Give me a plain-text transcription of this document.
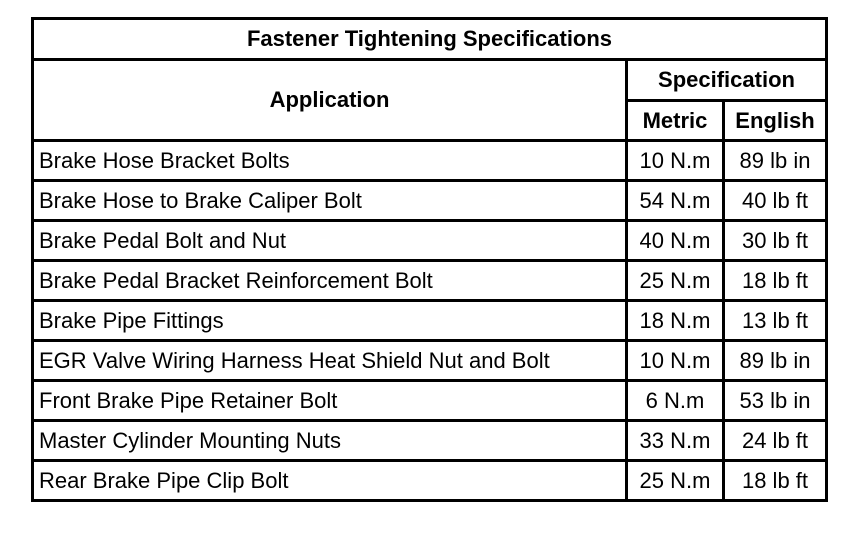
Fastener Tightening Specifications		
Application	Specification	
	Metric	English
Brake Hose Bracket Bolts	10 N.m	89 lb in
Brake Hose to Brake Caliper Bolt	54 N.m	40 lb ft
Brake Pedal Bolt and Nut	40 N.m	30 lb ft
Brake Pedal Bracket Reinforcement Bolt	25 N.m	18 lb ft
Brake Pipe Fittings	18 N.m	13 lb ft
EGR Valve Wiring Harness Heat Shield Nut and Bolt	10 N.m	89 lb in
Front Brake Pipe Retainer Bolt	6 N.m	53 lb in
Master Cylinder Mounting Nuts	33 N.m	24 lb ft
Rear Brake Pipe Clip Bolt	25 N.m	18 lb ft
